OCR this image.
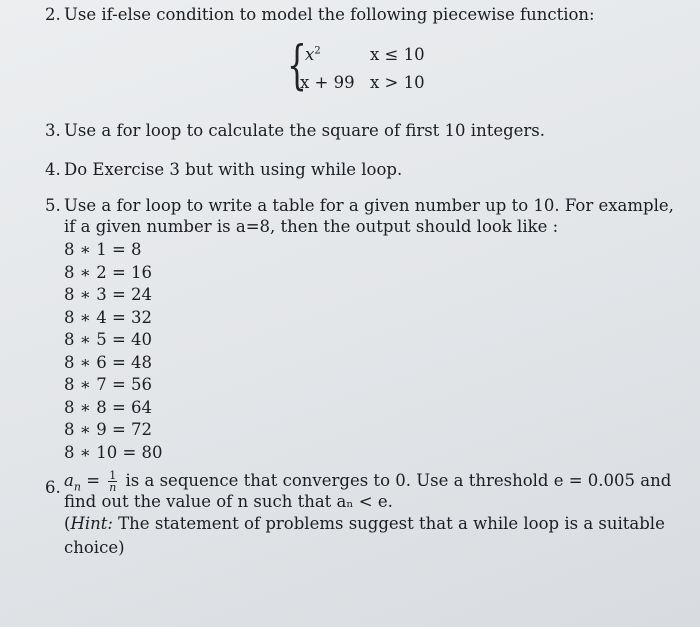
2. Use if-else condition to model the following piecewise function:
{
$x^2$	x ≤ 10
x + 99 x > 10
3. Use a for loop to calculate the square of first 10 integers.
4. Do Exercise 3 but with using while loop.
5. Use a for loop to write a table for a given number up to 10. For example,
if a given number is a=8, then the output should look like :
8 ∗ 1 = 8
8 ∗ 2 = 16
8 ∗ 3 = 24
8 ∗ 4 = 32
8 ∗ 5 = 40
8 ∗ 6 = 48
8 ∗ 7 = 56
8 ∗ 8 = 64
8 ∗ 9 = 72
8 ∗ 10 = 80
6. $a_n = \frac{1}{n}$ is a sequence that converges to 0. Use a threshold e = 0.005 and
find out the value of n such that aₙ < e.
(Hint: The statement of problems suggest that a while loop is a suitable
choice)
